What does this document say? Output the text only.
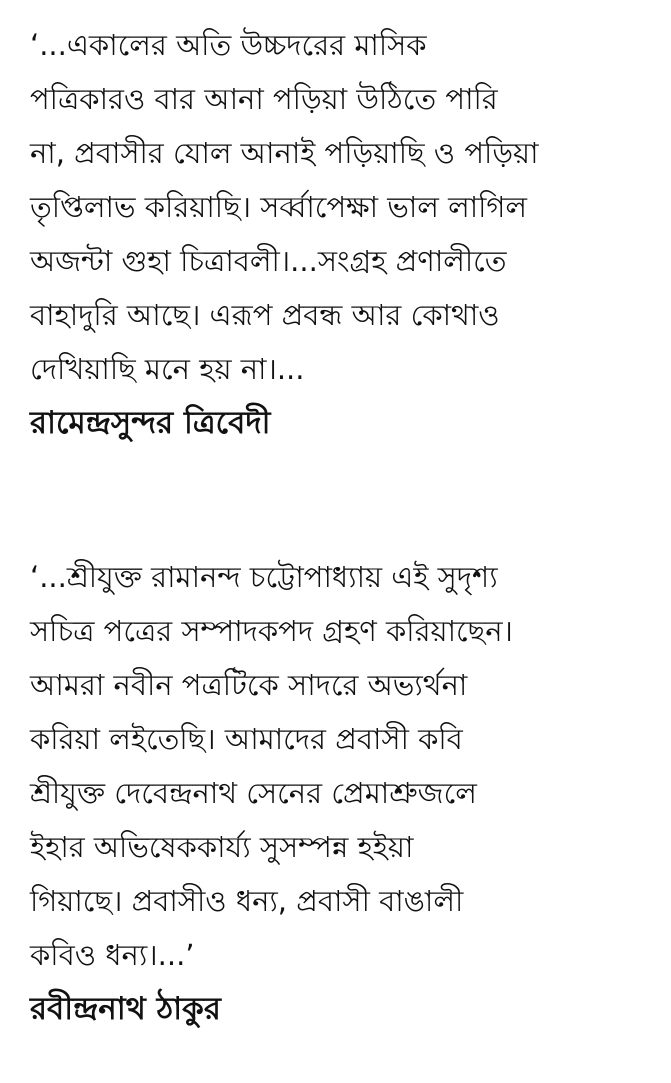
‘...একালের অতি উচ্চদরের মাসিক
পত্রিকারও বার আনা পড়িয়া উঠিতে পারি
না, প্রবাসীর যোল আনাই পড়িয়াছি ও পড়িয়া
তৃপ্তিলাভ করিয়াছি। সর্ব্বাপেক্ষা ভাল লাগিল
অজন্টা গুহা চিত্রাবলী।...সংগ্রহ প্রণালীতে
বাহাদুরি আছে। এরূপ প্রবন্ধ আর কোথাও
দেখিয়াছি মনে হয় না।...
রামেন্দ্রসুন্দর ত্রিবেদী
‘...শ্রীযুক্ত রামানন্দ চট্টোপাধ্যায় এই সুদৃশ্য
সচিত্র পত্রের সম্পাদকপদ গ্রহণ করিয়াছেন।
আমরা নবীন পত্রটিকে সাদরে অভ্যর্থনা
করিয়া লইতেছি। আমাদের প্রবাসী কবি
শ্রীযুক্ত দেবেন্দ্রনাথ সেনের প্রেমাশ্রুজলে
ইহার অভিষেককার্য্য সুসম্পন্ন হইয়া
গিয়াছে। প্রবাসীও ধন্য, প্রবাসী বাঙালী
কবিও ধন্য।...’
রবীন্দ্রনাথ ঠাকুর
